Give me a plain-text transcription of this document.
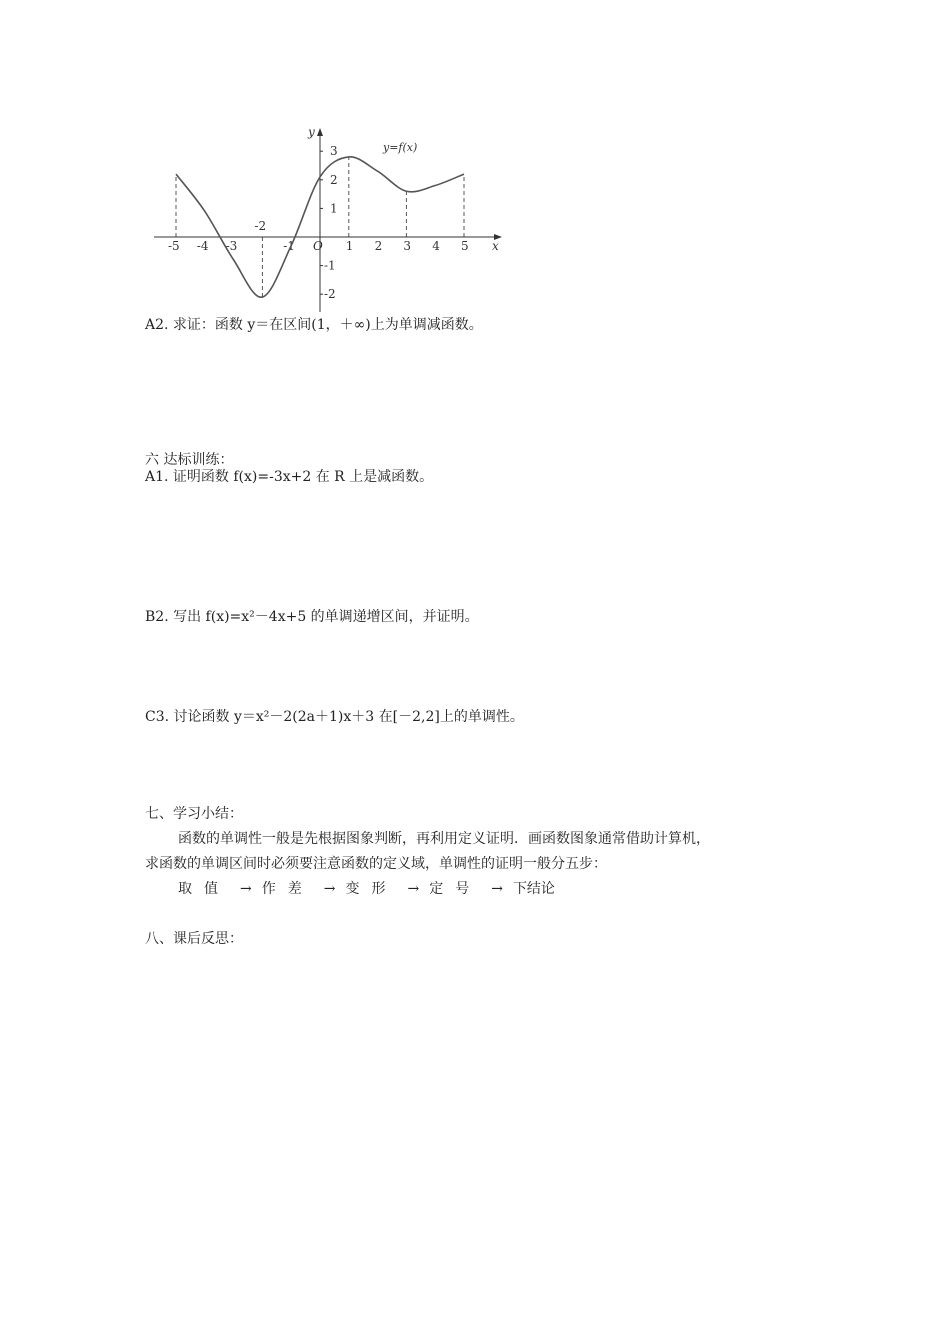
-5 -4 -3	-1	1 2 3 4 5
3
2
1
-1
-2
O	x
y
y=f(x)
-2
A2. 求证：函数 y＝在区间(1，＋∞)上为单调减函数。
六 达标训练：
A1. 证明函数 f(x)=-3x+2 在 R 上是减函数。
B2. 写出 f(x)=x²－4x+5 的单调递增区间，并证明。
C3. 讨论函数 y＝x²－2(2a＋1)x＋3 在[－2,2]上的单调性。
七、学习小结：
函数的单调性一般是先根据图象判断，再利用定义证明．画函数图象通常借助计算机，
求函数的单调区间时必须要注意函数的定义域，单调性的证明一般分五步：
取值 → 作差 → 变形 → 定号 → 下结论
八、课后反思：
